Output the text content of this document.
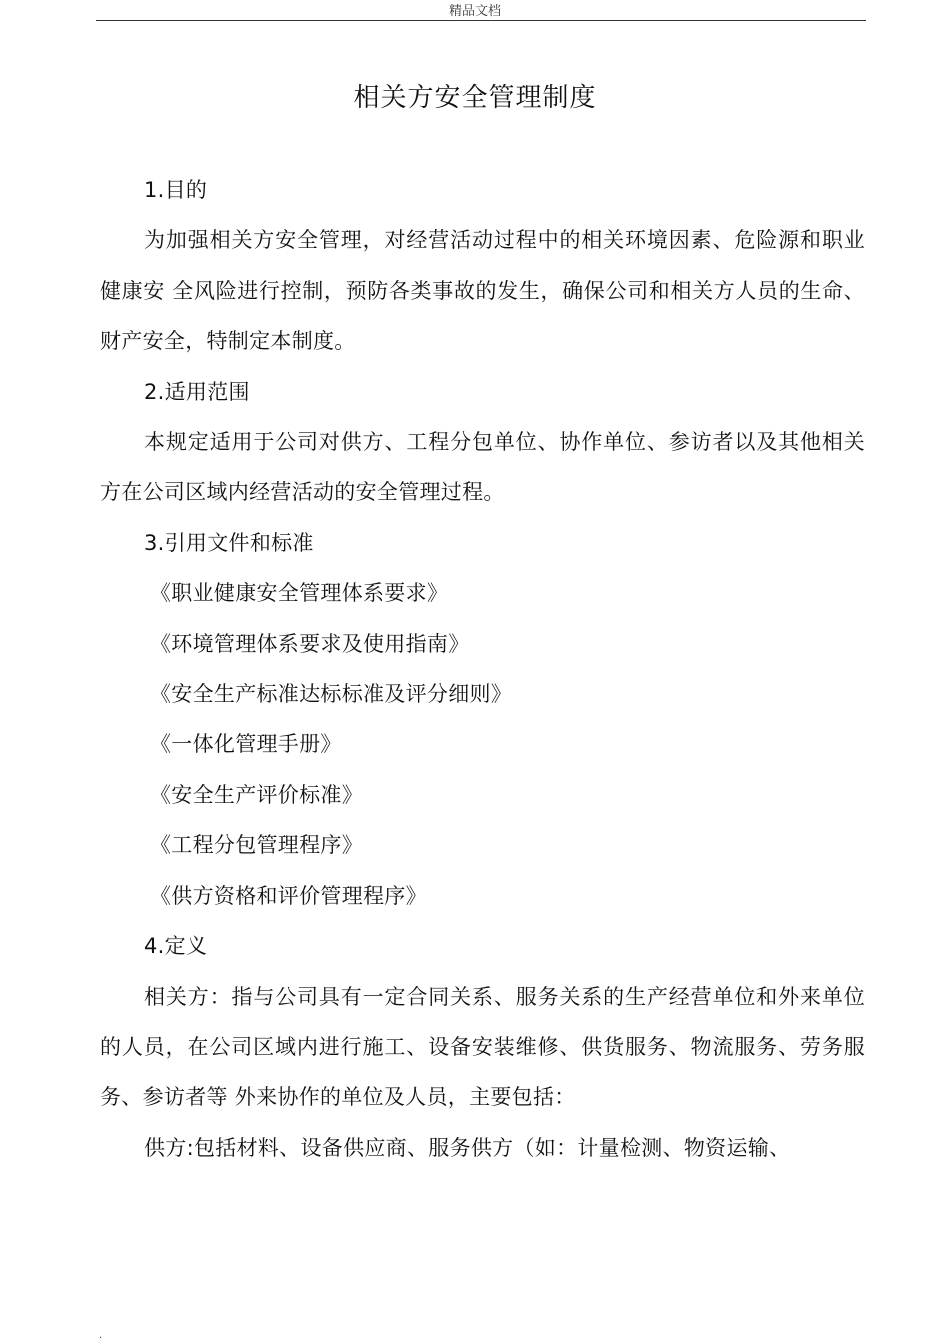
精品文档
相关方安全管理制度

1.目的

为加强相关方安全管理，对经营活动过程中的相关环境因素、危险源和职业健康安 全风险进行控制，预防各类事故的发生，确保公司和相关方人员的生命、财产安全，特制定本制度。

2.适用范围

本规定适用于公司对供方、工程分包单位、协作单位、参访者以及其他相关方在公司区域内经营活动的安全管理过程。

3.引用文件和标准

《职业健康安全管理体系要求》

《环境管理体系要求及使用指南》

《安全生产标准达标标准及评分细则》

《一体化管理手册》

《安全生产评价标准》

《工程分包管理程序》

《供方资格和评价管理程序》

4.定义

相关方：指与公司具有一定合同关系、服务关系的生产经营单位和外来单位的人员，在公司区域内进行施工、设备安装维修、供货服务、物流服务、劳务服务、参访者等 外来协作的单位及人员，主要包括：

供方:包括材料、设备供应商、服务供方（如：计量检测、物资运输、

.
